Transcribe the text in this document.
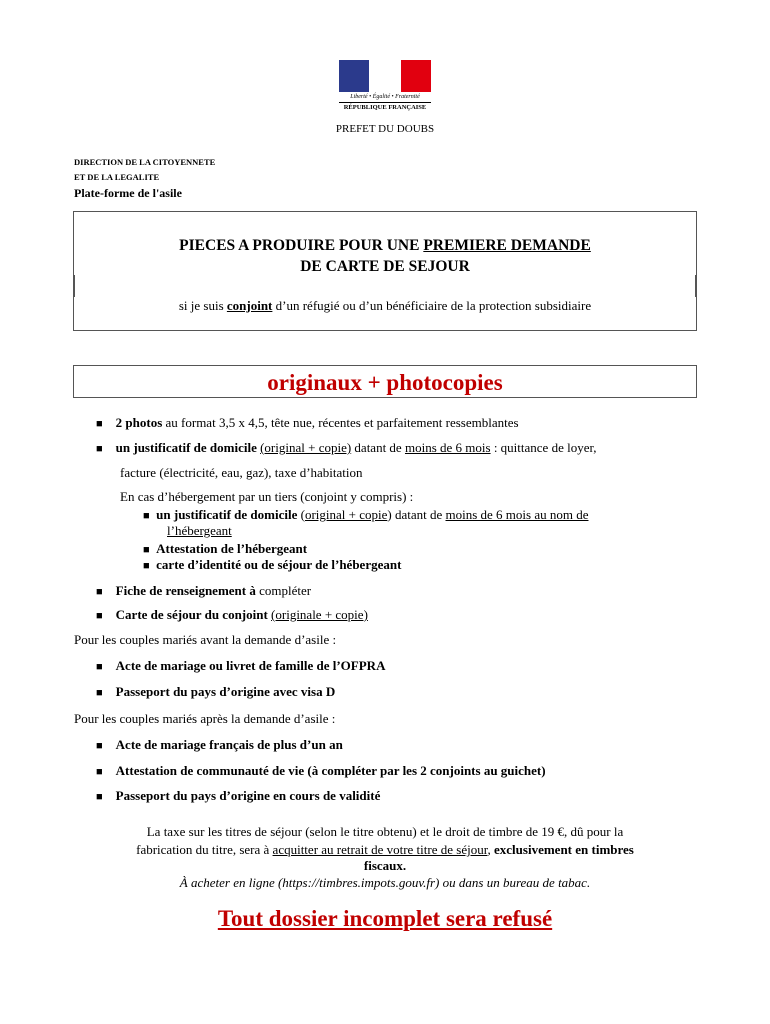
Liberté • Égalité • Fraternité
RÉPUBLIQUE FRANÇAISE
PREFET DU DOUBS
DIRECTION DE LA CITOYENNETE
ET DE LA LEGALITE
Plate-forme de l'asile
PIECES A PRODUIRE POUR UNE PREMIERE DEMANDE
DE CARTE DE SEJOUR
si je suis conjoint d’un réfugié ou d’un bénéficiaire de la protection subsidiaire
originaux + photocopies
■ 2 photos au format 3,5 x 4,5, tête nue, récentes et parfaitement ressemblantes
■ un justificatif de domicile (original + copie) datant de moins de 6 mois : quittance de loyer,
facture (électricité, eau, gaz), taxe d’habitation
En cas d’hébergement par un tiers (conjoint y compris) :
■ un justificatif de domicile (original + copie) datant de moins de 6 mois au nom de
l’hébergeant
■ Attestation de l’hébergeant
■ carte d’identité ou de séjour de l’hébergeant
■ Fiche de renseignement à compléter
■ Carte de séjour du conjoint (originale + copie)
Pour les couples mariés avant la demande d’asile :
■ Acte de mariage ou livret de famille de l’OFPRA
■ Passeport du pays d’origine avec visa D
Pour les couples mariés après la demande d’asile :
■ Acte de mariage français de plus d’un an
■ Attestation de communauté de vie (à compléter par les 2 conjoints au guichet)
■ Passeport du pays d’origine en cours de validité
La taxe sur les titres de séjour (selon le titre obtenu) et le droit de timbre de 19 €, dû pour la
fabrication du titre, sera à acquitter au retrait de votre titre de séjour, exclusivement en timbres
fiscaux.
À acheter en ligne (https://timbres.impots.gouv.fr) ou dans un bureau de tabac.
Tout dossier incomplet sera refusé
